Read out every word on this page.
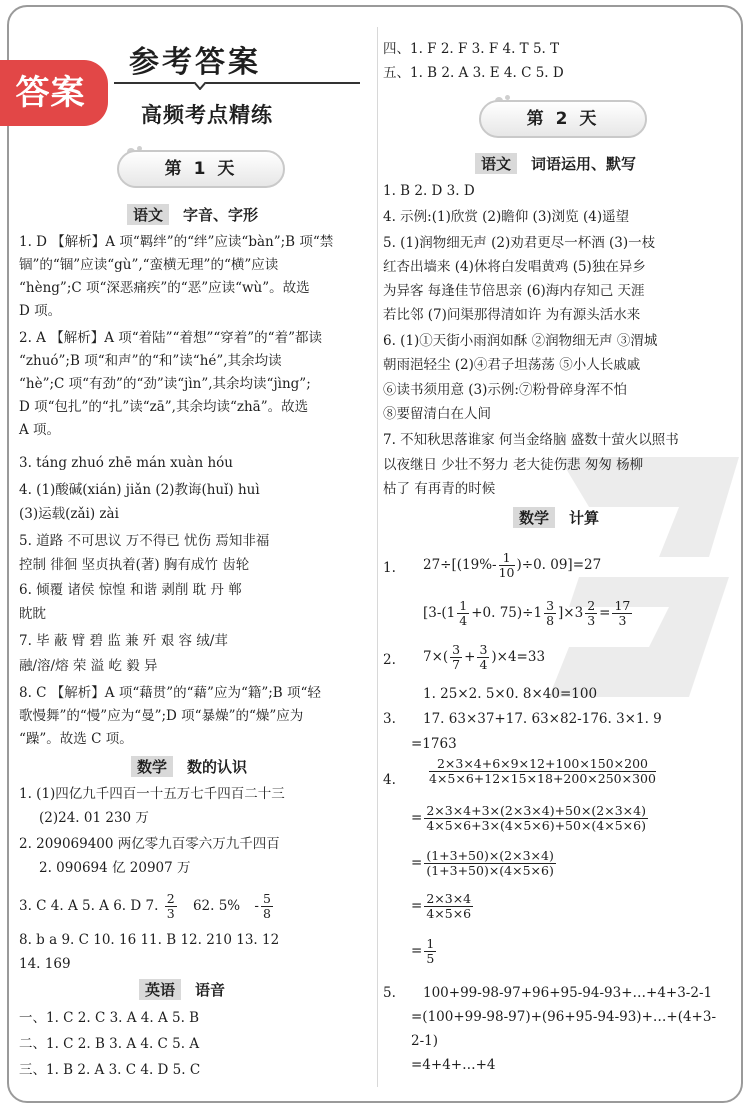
参考答案
高频考点精练
第 1 天
语文 字音、字形
1. D 【解析】A 项“羁绊”的“绊”应读“bàn”;B 项“禁
锢”的“锢”应读“gù”,“蛮横无理”的“横”应读
“hèng”;C 项“深恶痛疾”的“恶”应读“wù”。故选
D 项。
2. A 【解析】A 项“着陆”“着想”“穿着”的“着”都读
“zhuó”;B 项“和声”的“和”读“hé”,其余均读
“hè”;C 项“有劲”的“劲”读“jìn”,其余均读“jìng”;
D 项“包扎”的“扎”读“zā”,其余均读“zhā”。故选
A 项。
3. táng zhuó zhē mán xuàn hóu
4. (1)酸碱(xián) jiǎn (2)教诲(huǐ) huì
(3)运载(zǎi) zài
5. 道路 不可思议 万不得已 忧伤 焉知非福
控制 徘徊 坚贞执着(著) 胸有成竹 齿轮
6. 倾覆 诸侯 惊惶 和谐 剥削 耽 丹 郸
眈眈
7. 毕 蔽 臂 碧 监 兼 歼 艰 容 绒/茸
融/溶/熔 荣 溢 屹 毅 异
8. C 【解析】A 项“藉贯”的“藉”应为“籍”;B 项“轻
歌慢舞”的“慢”应为“曼”;D 项“暴燥”的“燥”应为
“躁”。故选 C 项。
数学 数的认识
1. (1)四亿九千四百一十五万七千四百二十三
(2)24. 01 230 万
2. 209069400 两亿零九百零六万九千四百
2. 090694 亿 20907 万
3. C 4. A 5. A 6. D 7. $\frac{2}{3} 62$. $5\% - \frac{5}{8}$
8. b a 9. C 10. 16 11. B 12. 210 13. 12
14. 169
英语 语音
一、1. C 2. C 3. A 4. A 5. B
二、1. C 2. B 3. A 4. C 5. A
三、1. B 2. A 3. C 4. D 5. C
四、1. F 2. F 3. F 4. T 5. T
五、1. B 2. A 3. E 4. C 5. D
第 2 天
语文 词语运用、默写
1. B 2. D 3. D
4. 示例:(1)欣赏 (2)瞻仰 (3)浏览 (4)遥望
5. (1)润物细无声 (2)劝君更尽一杯酒 (3)一枝
红杏出墙来 (4)休将白发唱黄鸡 (5)独在异乡
为异客 每逢佳节倍思亲 (6)海内存知己 天涯
若比邻 (7)问渠那得清如许 为有源头活水来
6. (1)①天街小雨润如酥 ②润物细无声 ③渭城
朝雨浥轻尘 (2)④君子坦荡荡 ⑤小人长戚戚
⑥读书须用意 (3)示例:⑦粉骨碎身浑不怕
⑧要留清白在人间
7. 不知秋思落谁家 何当金络脑 盛数十萤火以照书
以夜继日 少壮不努力 老大徒伤悲 匆匆 杨柳
枯了 有再青的时候
数学 计算
1. $27\div[(19\%- \frac{1}{10} )\div 0$. 09]=27
[$3-(1 \frac{1}{4} +0$. $75)\div 1 \frac{3}{8} ]\times 3 \frac{2}{3} = \frac{17}{3}$
2. $7\times( \frac{3}{7} + \frac{3}{4} )\times 4=33$
1. 25×2. 5×0. 8×40=100
3. 17. 63×37+17. 63×82-176. 3×1. 9
=1763
4.	$\frac{2\times 3\times 4+6\times 9\times 12+100\times 150\times 200}{4\times 5\times 6+12\times 15\times 18+200\times 250\times 300}$
= $\frac{2\times 3\times 4+3\times(2\times 3\times 4)+50\times(2\times 3\times 4)}{4\times 5\times 6+3\times(4\times 5\times 6)+50\times(4\times 5\times 6)}$
= $\frac{(1+3+50)\times(2\times 3\times 4)}{(1+3+50)\times(4\times 5\times 6)}$
= $\frac{2\times 3\times 4}{4\times 5\times 6}$
= $\frac{1}{5}$
5. 100+99-98-97+96+95-94-93+…+4+3-2-1
=(100+99-98-97)+(96+95-94-93)+…+(4+3-
2-1)
=4+4+…+4
答案
